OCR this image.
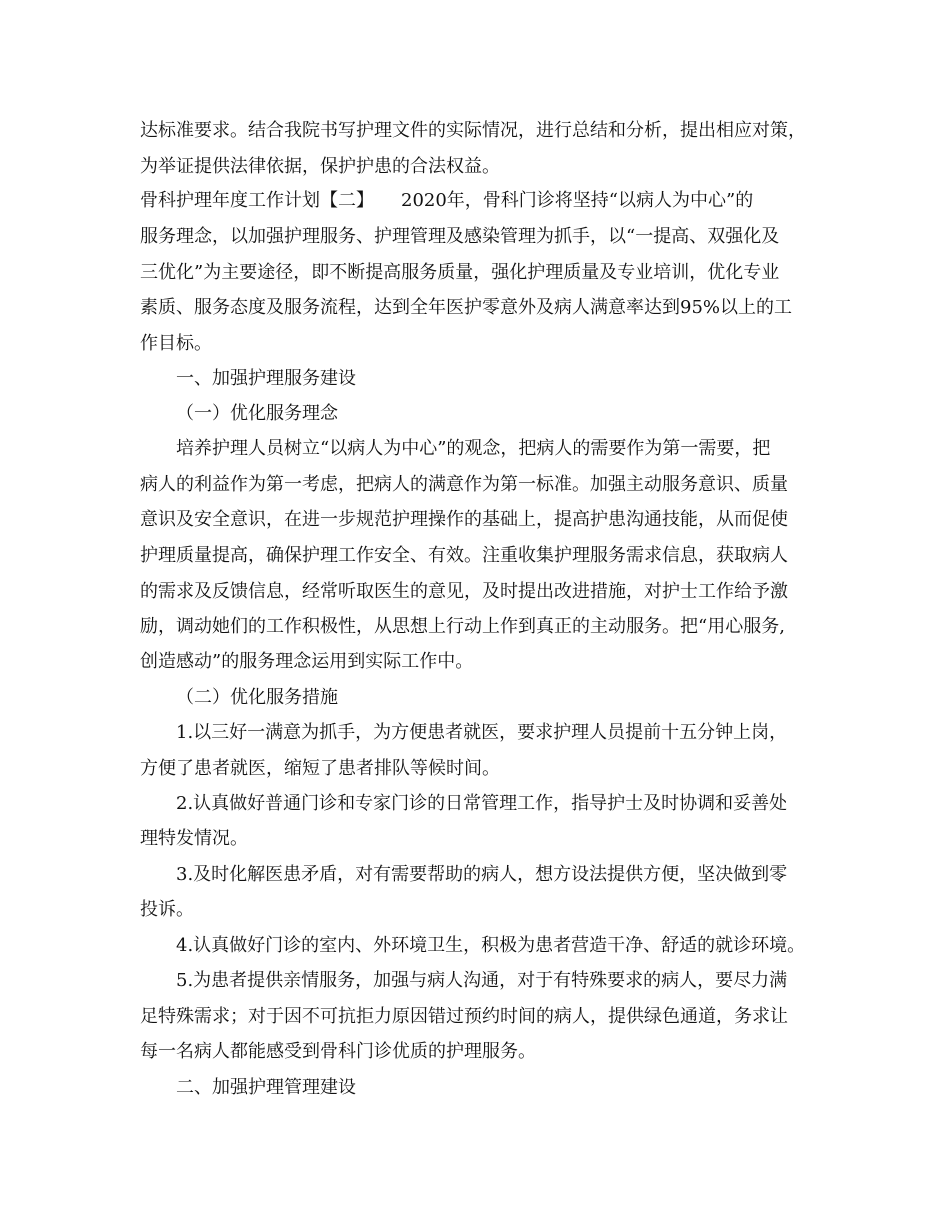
达标准要求。结合我院书写护理文件的实际情况，进行总结和分析，提出相应对策，
为举证提供法律依据，保护护患的合法权益。
骨科护理年度工作计划【二】　　2020年，骨科门诊将坚持“以病人为中心”的
服务理念，以加强护理服务、护理管理及感染管理为抓手，以“一提高、双强化及
三优化”为主要途径，即不断提高服务质量，强化护理质量及专业培训，优化专业
素质、服务态度及服务流程，达到全年医护零意外及病人满意率达到95%以上的工
作目标。
一、加强护理服务建设
（一）优化服务理念
培养护理人员树立“以病人为中心”的观念，把病人的需要作为第一需要，把
病人的利益作为第一考虑，把病人的满意作为第一标准。加强主动服务意识、质量
意识及安全意识，在进一步规范护理操作的基础上，提高护患沟通技能，从而促使
护理质量提高，确保护理工作安全、有效。注重收集护理服务需求信息，获取病人
的需求及反馈信息，经常听取医生的意见，及时提出改进措施，对护士工作给予激
励，调动她们的工作积极性，从思想上行动上作到真正的主动服务。把“用心服务,
创造感动”的服务理念运用到实际工作中。
（二）优化服务措施
1.以三好一满意为抓手，为方便患者就医，要求护理人员提前十五分钟上岗，
方便了患者就医，缩短了患者排队等候时间。
2.认真做好普通门诊和专家门诊的日常管理工作，指导护士及时协调和妥善处
理特发情况。
3.及时化解医患矛盾，对有需要帮助的病人，想方设法提供方便，坚决做到零
投诉。
4.认真做好门诊的室内、外环境卫生，积极为患者营造干净、舒适的就诊环境。
5.为患者提供亲情服务，加强与病人沟通，对于有特殊要求的病人，要尽力满
足特殊需求；对于因不可抗拒力原因错过预约时间的病人，提供绿色通道，务求让
每一名病人都能感受到骨科门诊优质的护理服务。
二、加强护理管理建设
